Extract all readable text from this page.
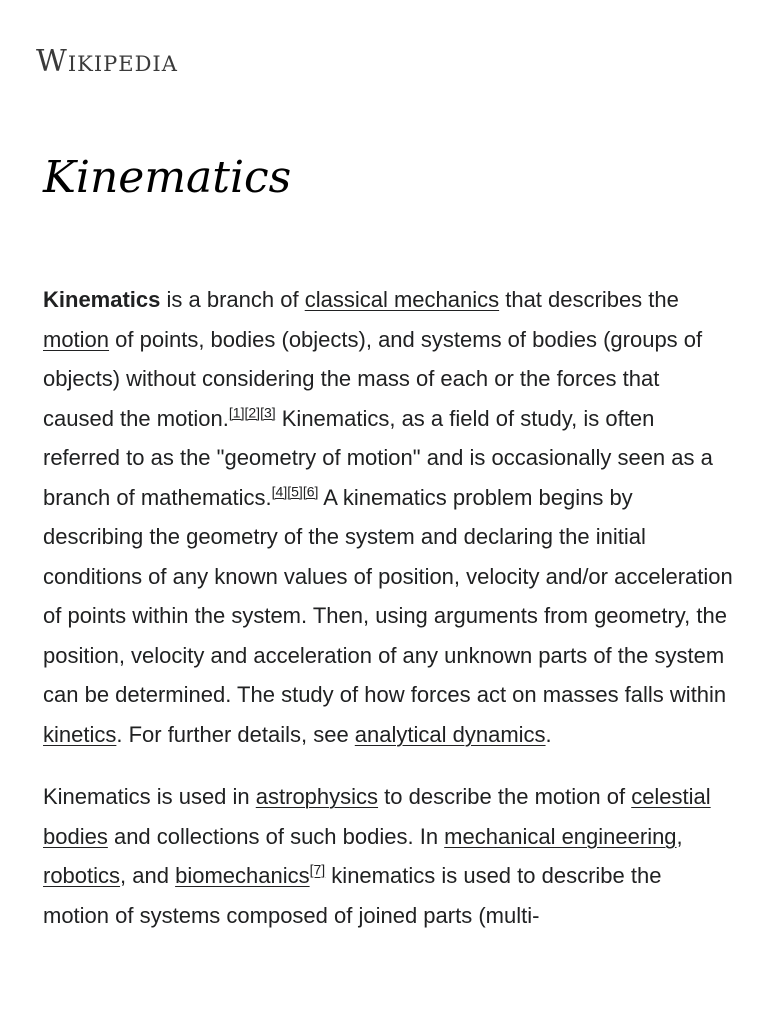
Wikipedia
Kinematics

Kinematics is a branch of classical mechanics that describes the motion of points, bodies (objects), and systems of bodies (groups of objects) without considering the mass of each or the forces that caused the motion.[1][2][3] Kinematics, as a field of study, is often referred to as the "geometry of motion" and is occasionally seen as a branch of mathematics.[4][5][6] A kinematics problem begins by describing the geometry of the system and declaring the initial conditions of any known values of position, velocity and/or acceleration of points within the system. Then, using arguments from geometry, the position, velocity and acceleration of any unknown parts of the system can be determined. The study of how forces act on masses falls within kinetics. For further details, see analytical dynamics.

Kinematics is used in astrophysics to describe the motion of celestial bodies and collections of such bodies. In mechanical engineering, robotics, and biomechanics[7] kinematics is used to describe the motion of systems composed of joined parts (multi-
